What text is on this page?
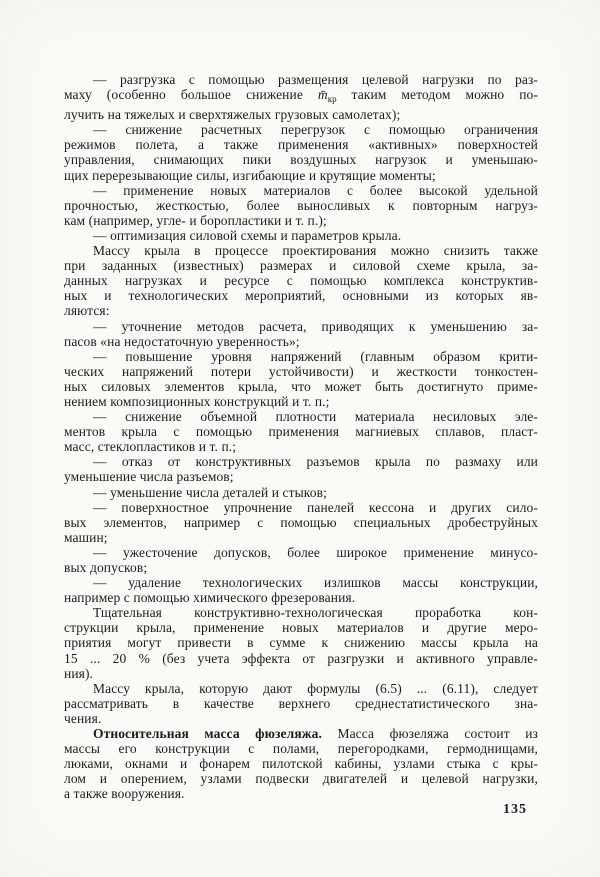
— разгрузка с помощью размещения целевой нагрузки по раз-
маху (особенно большое снижение $m̄_{кр}$ таким методом можно по-
лучить на тяжелых и сверхтяжелых грузовых самолетах);
— снижение расчетных перегрузок с помощью ограничения
режимов полета, а также применения «активных» поверхностей
управления, снимающих пики воздушных нагрузок и уменьшаю-
щих перерезывающие силы, изгибающие и крутящие моменты;
— применение новых материалов с более высокой удельной
прочностью, жесткостью, более выносливых к повторным нагруз-
кам (например, угле- и боропластики и т. п.);
— оптимизация силовой схемы и параметров крыла.
Массу крыла в процессе проектирования можно снизить также
при заданных (известных) размерах и силовой схеме крыла, за-
данных нагрузках и ресурсе с помощью комплекса конструктив-
ных и технологических мероприятий, основными из которых яв-
ляются:
— уточнение методов расчета, приводящих к уменьшению за-
пасов «на недостаточную уверенность»;
— повышение уровня напряжений (главным образом крити-
ческих напряжений потери устойчивости) и жесткости тонкостен-
ных силовых элементов крыла, что может быть достигнуто приме-
нением композиционных конструкций и т. п.;
— снижение объемной плотности материала несиловых эле-
ментов крыла с помощью применения магниевых сплавов, пласт-
масс, стеклопластиков и т. п.;
— отказ от конструктивных разъемов крыла по размаху или
уменьшение числа разъемов;
— уменьшение числа деталей и стыков;
— поверхностное упрочнение панелей кессона и других сило-
вых элементов, например с помощью специальных дробеструйных
машин;
— ужесточение допусков, более широкое применение минусо-
вых допусков;
— удаление технологических излишков массы конструкции,
например с помощью химического фрезерования.
Тщательная конструктивно-технологическая проработка кон-
струкции крыла, применение новых материалов и другие меро-
приятия могут привести в сумме к снижению массы крыла на
15 ... 20 % (без учета эффекта от разгрузки и активного управле-
ния).
Массу крыла, которую дают формулы (6.5) ... (6.11), следует
рассматривать в качестве верхнего среднестатистического зна-
чения.
Относительная масса фюзеляжа. Масса фюзеляжа состоит из
массы его конструкции с полами, перегородками, гермоднищами,
люками, окнами и фонарем пилотской кабины, узлами стыка с кры-
лом и оперением, узлами подвески двигателей и целевой нагрузки,
а также вооружения.
135
